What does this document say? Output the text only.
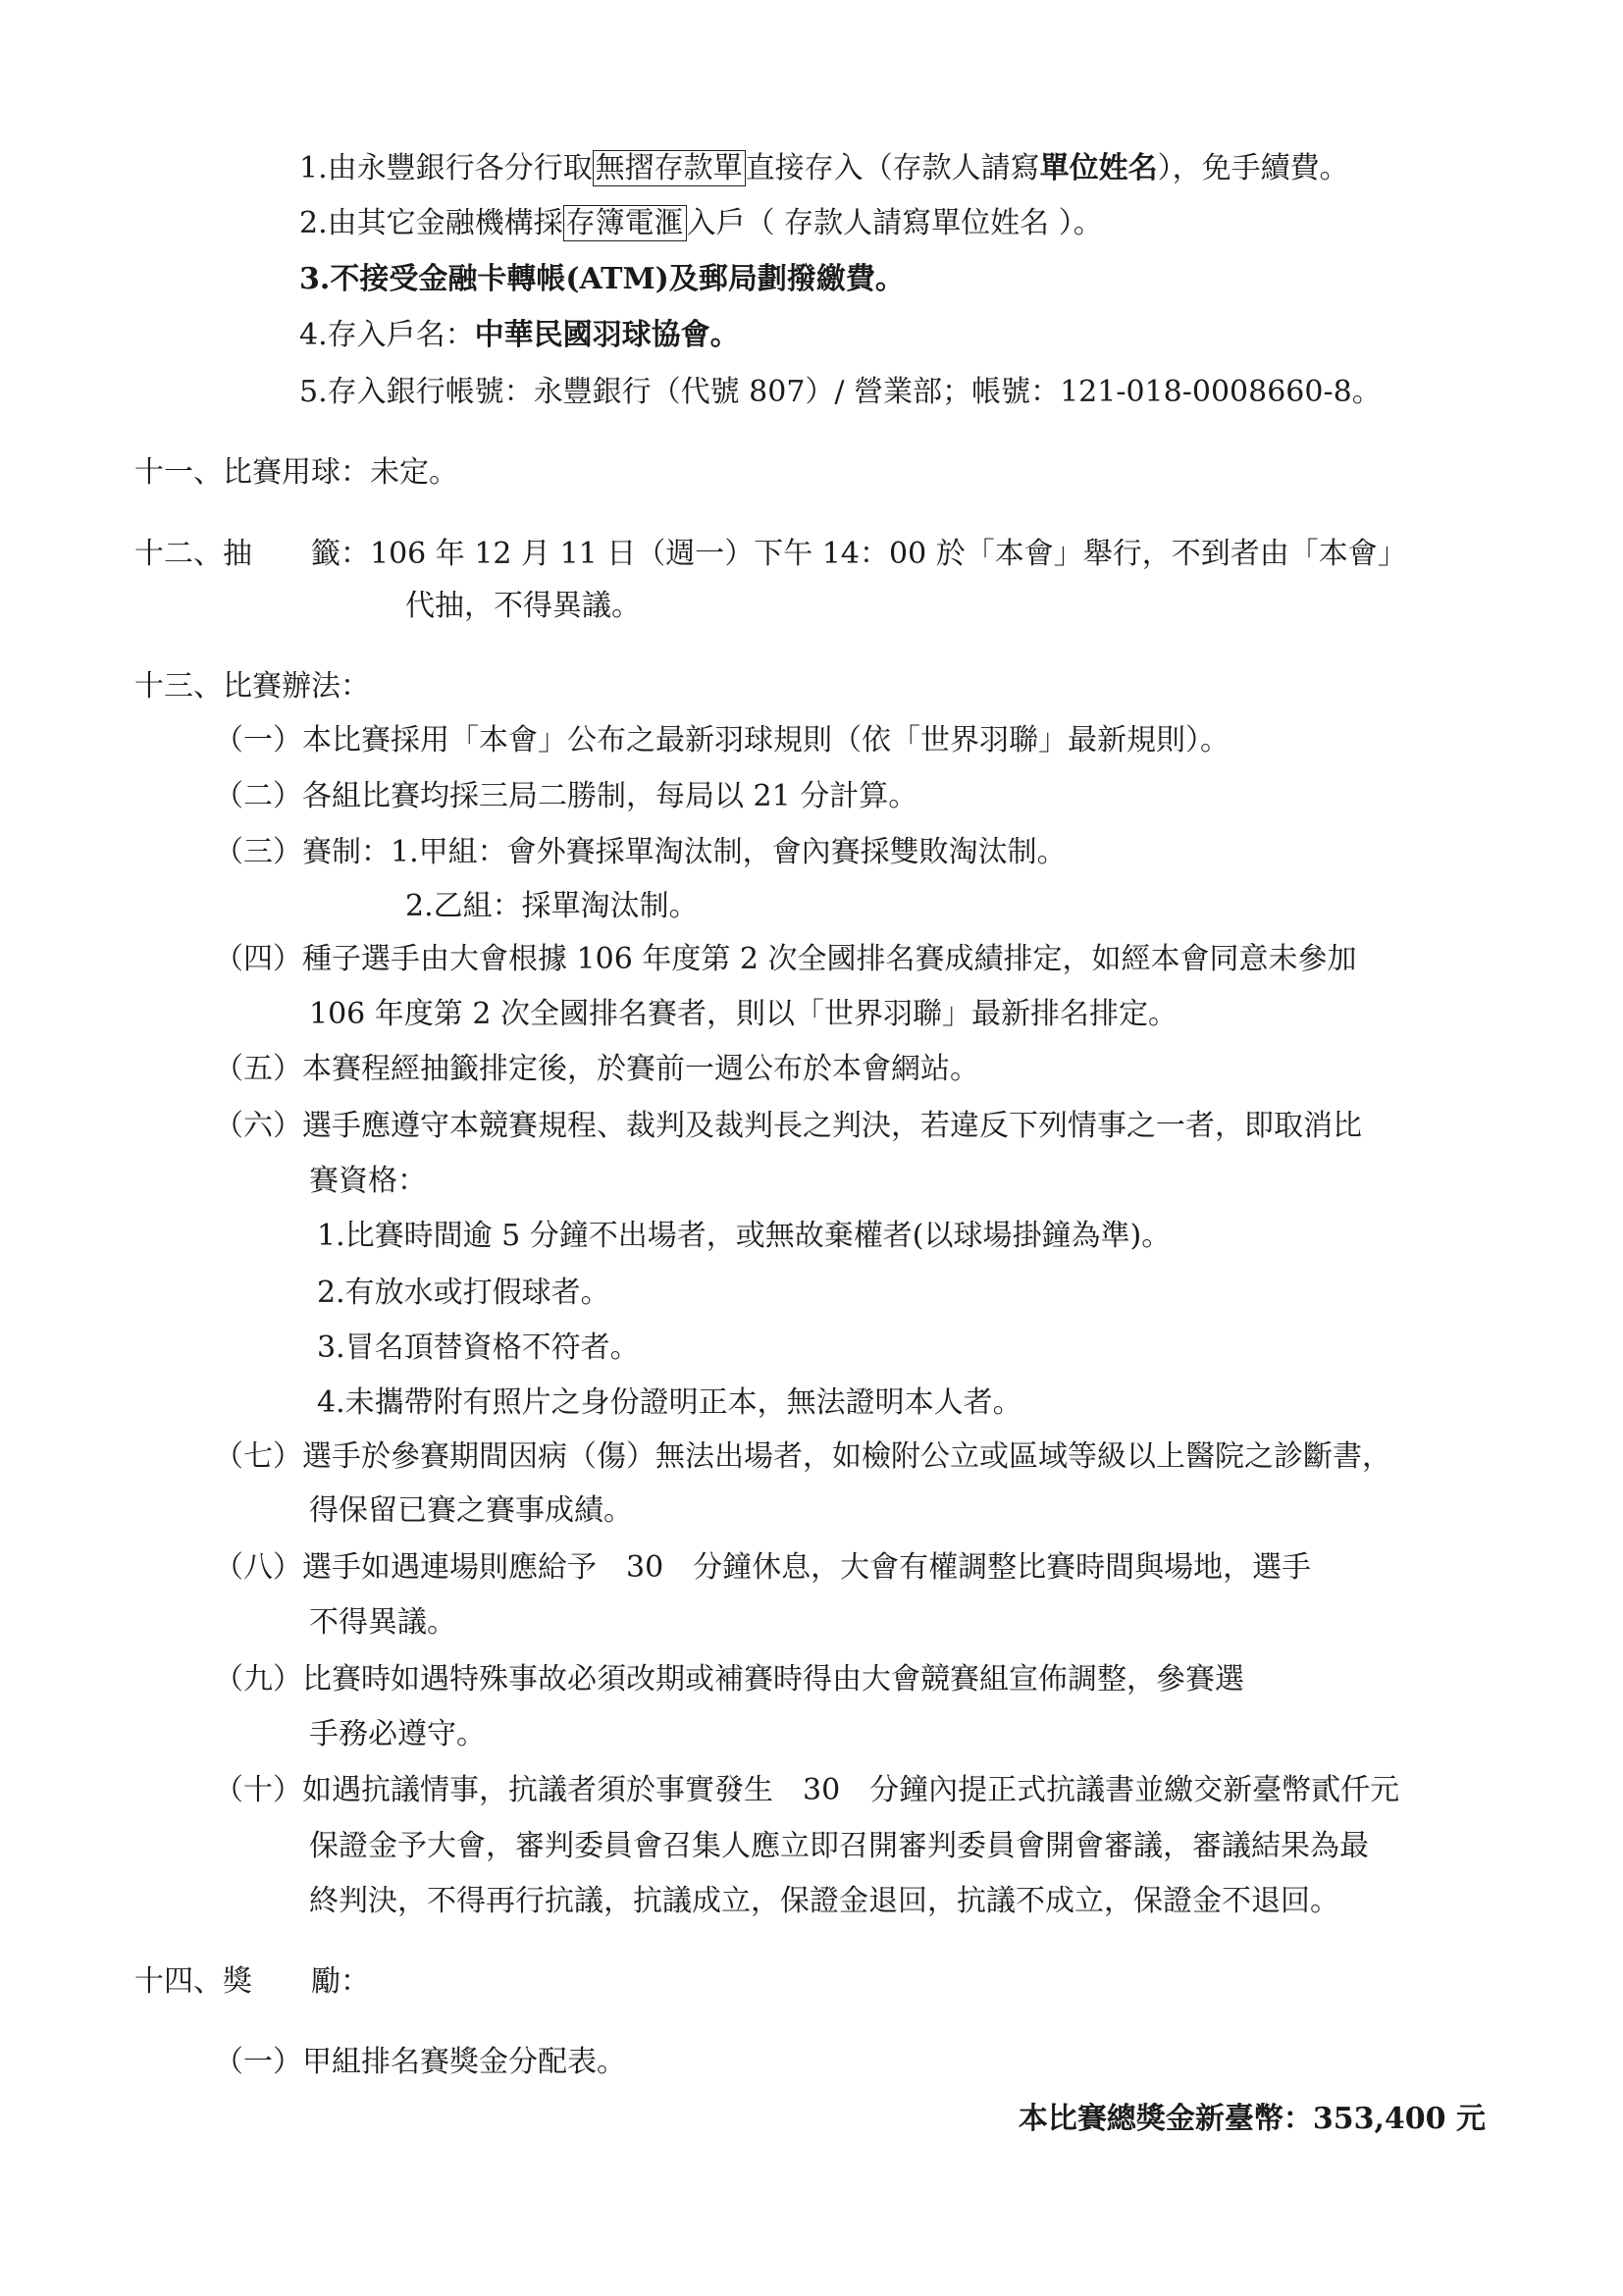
1.由永豐銀行各分行取 無摺存款單 直接存入（存款人請寫單位姓名），免手續費。
2.由其它金融機構採 存簿電滙 入戶（ 存款人請寫單位姓名 ）。
3.不接受金融卡轉帳(ATM)及郵局劃撥繳費。
4.存入戶名：中華民國羽球協會。
5.存入銀行帳號：永豐銀行（代號 807）/ 營業部；帳號：121-018-0008660-8。
十一、比賽用球：未定。
十二、抽　　籤：106 年 12 月 11 日（週一）下午 14：00 於「本會」舉行，不到者由「本會」
代抽，不得異議。
十三、比賽辦法：
（一）本比賽採用「本會」公布之最新羽球規則（依「世界羽聯」最新規則）。
（二）各組比賽均採三局二勝制，每局以 21 分計算。
（三）賽制：1.甲組：會外賽採單淘汰制，會內賽採雙敗淘汰制。
2.乙組：採單淘汰制。
（四）種子選手由大會根據 106 年度第 2 次全國排名賽成績排定，如經本會同意未參加
106 年度第 2 次全國排名賽者，則以「世界羽聯」最新排名排定。
（五）本賽程經抽籤排定後，於賽前一週公布於本會網站。
（六）選手應遵守本競賽規程、裁判及裁判長之判決，若違反下列情事之一者，即取消比
賽資格：
1.比賽時間逾 5 分鐘不出場者，或無故棄權者(以球場掛鐘為準)。
2.有放水或打假球者。
3.冒名頂替資格不符者。
4.未攜帶附有照片之身份證明正本，無法證明本人者。
（七）選手於參賽期間因病（傷）無法出場者，如檢附公立或區域等級以上醫院之診斷書，
得保留已賽之賽事成績。
（八）選手如遇連場則應給予　30　分鐘休息，大會有權調整比賽時間與場地，選手
不得異議。
（九）比賽時如遇特殊事故必須改期或補賽時得由大會競賽組宣佈調整，參賽選
手務必遵守。
（十）如遇抗議情事，抗議者須於事實發生　30　分鐘內提正式抗議書並繳交新臺幣貳仟元
保證金予大會，審判委員會召集人應立即召開審判委員會開會審議，審議結果為最
終判決，不得再行抗議，抗議成立，保證金退回，抗議不成立，保證金不退回。
十四、獎　　勵：
（一）甲組排名賽獎金分配表。
本比賽總獎金新臺幣：353,400 元
